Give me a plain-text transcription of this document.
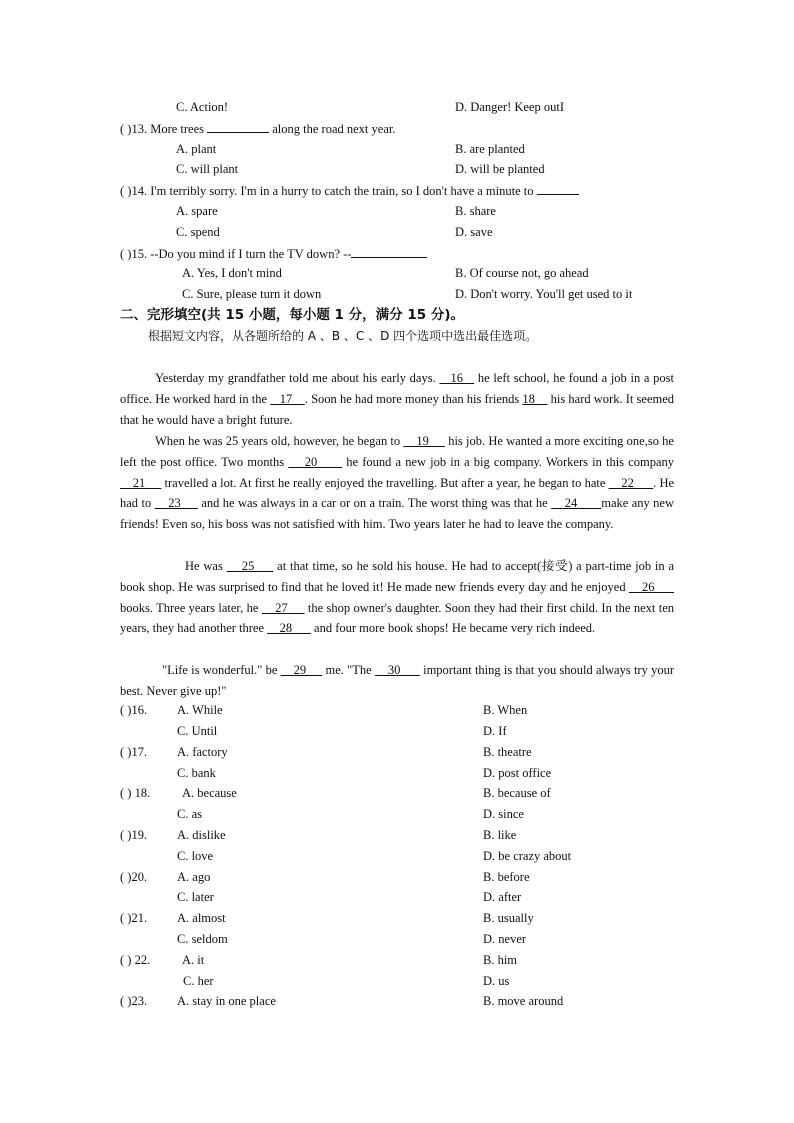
C. Action!	D. Danger! Keep outI
( )13. More trees	along the road next year.
A. plant	B. are planted
C. will plant	D. will be planted
( )14. I'm terribly sorry. I'm in a hurry to catch the train, so I don't have a minute to
A. spare	B. share
C. spend	D. save
( )15. --Do you mind if I turn the TV down? --
A. Yes, I don't mind	B. Of course not, go ahead
C. Sure, please turn it down	D. Don't worry. You'll get used to it
二、完形填空(共 15 小题，每小题 1 分，满分 15 分)。
根据短文内容，从各题所给的 A 、B 、C 、D 四个选项中选出最佳选项。
Yesterday my grandfather told me about his early days.    16    he left school, he found a job in a post office. He worked hard in the    17    . Soon he had more money than his friends 18     his hard work. It seemed that he would have a bright future.
When he was 25 years old, however, he began to     19      his job. He wanted a more exciting one,so he left the post office. Two months     20       he found a new job in a big company. Workers in this company     21      travelled a lot. At first he really enjoyed the travelling. But after a year, he began to hate     22      . He had to     23      and he was always in a car or on a train. The worst thing was that he     24       make any new friends! Even so, his boss was not satisfied with him. Two years later he had to leave the company.
He was     25      at that time, so he sold his house. He had to accept(接受) a part-time job in a book shop. He was surprised to find that he loved it! He made new friends every day and he enjoyed     26       books. Three years later, he     27      the shop owner's daughter. Soon they had their first child. In the next ten years, they had another three     28       and four more book shops! He became very rich indeed.
"Life is wonderful." be     29      me. "The     30       important thing is that you should always try your best. Never give up!"
( )16. A. While	B. When
C. Until	D. If
( )17. A. factory	B. theatre
C. bank	D. post office
( ) 18.	A. because	B. because of
C. as	D. since
( )19. A. dislike	B. like
C. love	D. be crazy about
( )20. A. ago	B. before
C. later	D. after
( )21. A. almost	B. usually
C. seldom	D. never
( ) 22.	A. it	B. him
C. her	D. us
( )23. A. stay in one place	B. move around
